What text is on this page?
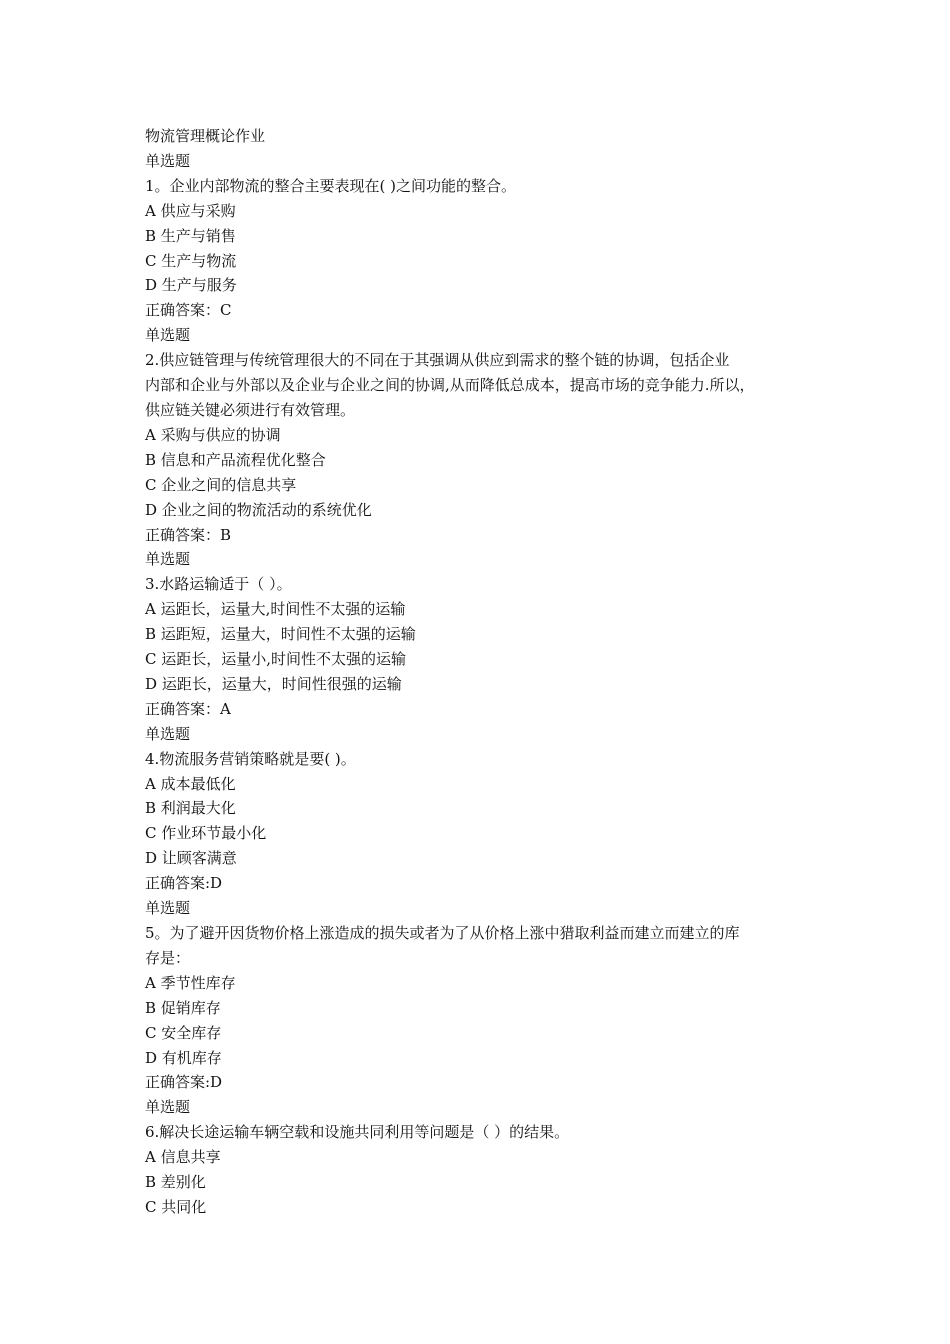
物流管理概论作业
单选题
1。企业内部物流的整合主要表现在( )之间功能的整合。
A 供应与采购
B 生产与销售
C 生产与物流
D 生产与服务
正确答案：C
单选题
2.供应链管理与传统管理很大的不同在于其强调从供应到需求的整个链的协调，包括企业
内部和企业与外部以及企业与企业之间的协调,从而降低总成本，提高市场的竞争能力.所以，
供应链关键必须进行有效管理。
A 采购与供应的协调
B 信息和产品流程优化整合
C 企业之间的信息共享
D 企业之间的物流活动的系统优化
正确答案：B
单选题
3.水路运输适于（ ）。
A 运距长，运量大,时间性不太强的运输
B 运距短，运量大，时间性不太强的运输
C 运距长，运量小,时间性不太强的运输
D 运距长，运量大，时间性很强的运输
正确答案：A
单选题
4.物流服务营销策略就是要( )。
A 成本最低化
B 利润最大化
C 作业环节最小化
D 让顾客满意
正确答案:D
单选题
5。为了避开因货物价格上涨造成的损失或者为了从价格上涨中猎取利益而建立而建立的库
存是：
A 季节性库存
B 促销库存
C 安全库存
D 有机库存
正确答案:D
单选题
6.解决长途运输车辆空载和设施共同利用等问题是（ ）的结果。
A 信息共享
B 差别化
C 共同化
